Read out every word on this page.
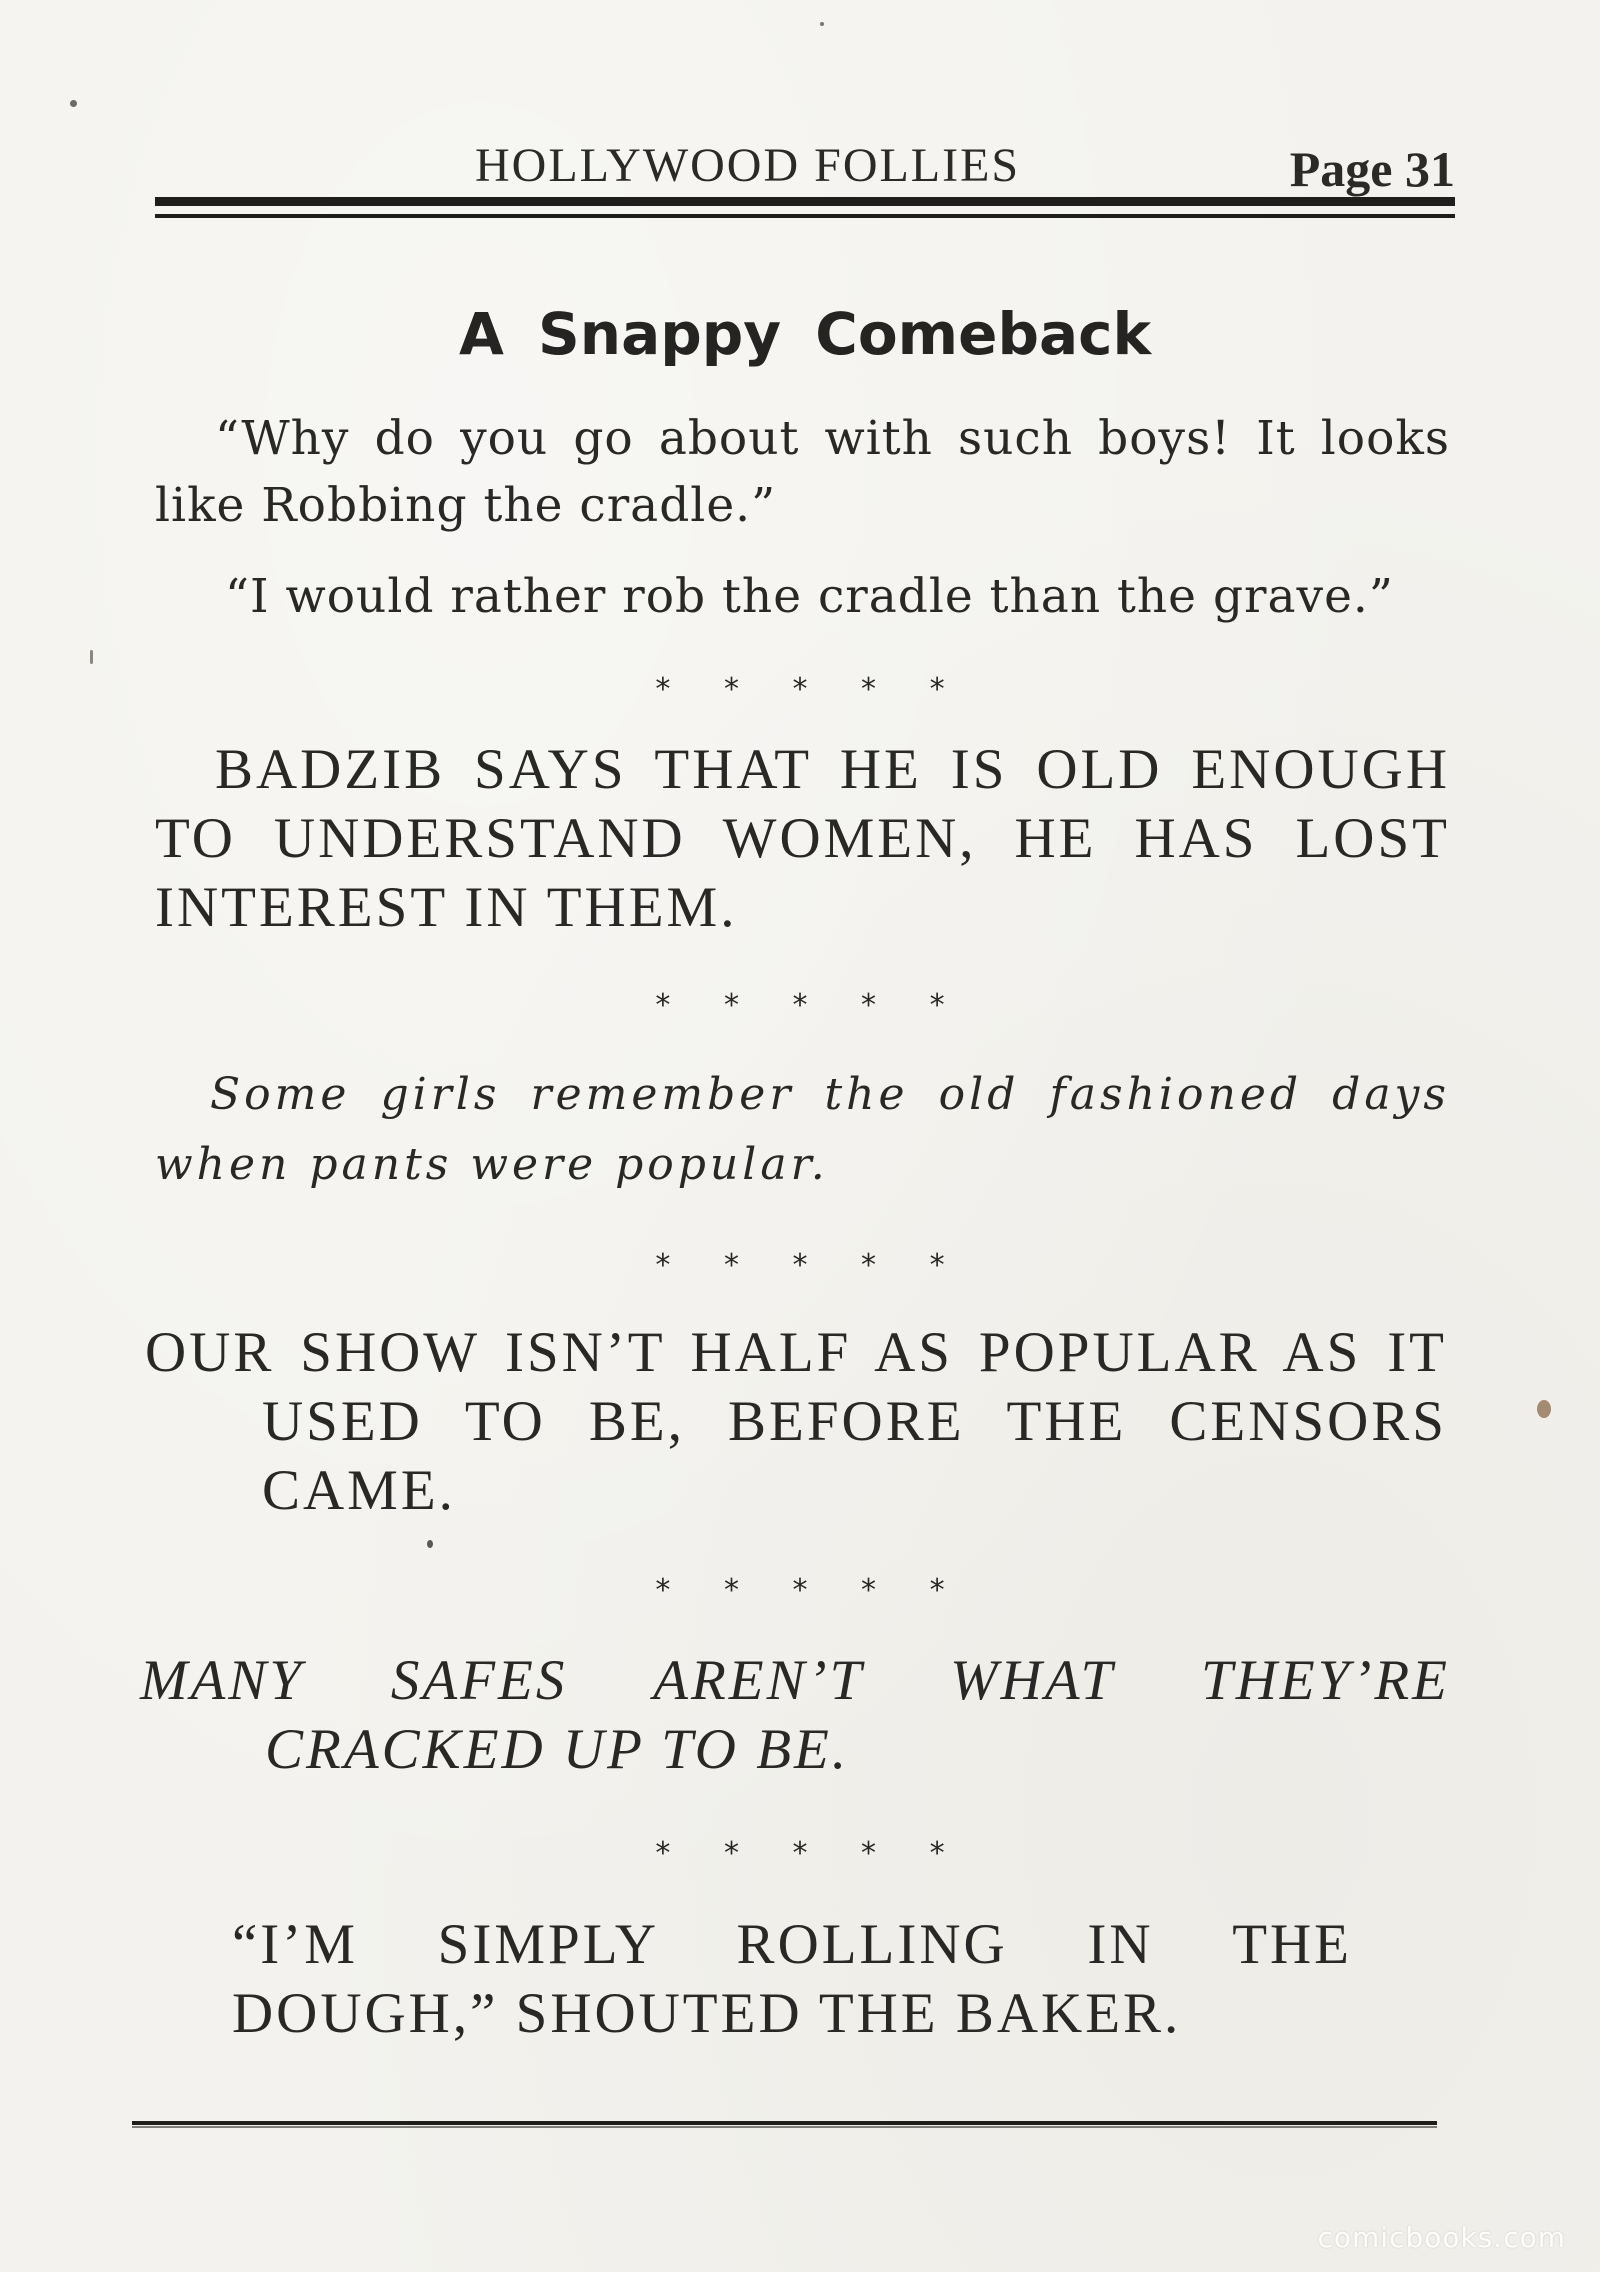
HOLLYWOOD FOLLIES	Page 31
A Snappy Comeback
“Why do you go about with such boys! It looks like Robbing the cradle.”
“I would rather rob the cradle than the grave.”
* * * * *
BADZIB SAYS THAT HE IS OLD ENOUGH TO UNDERSTAND WOMEN, HE HAS LOST INTEREST IN THEM.
* * * * *
Some girls remember the old fashioned days when pants were popular.
* * * * *
OUR SHOW ISN’T HALF AS POPULAR AS IT USED TO BE, BEFORE THE CENSORS CAME.
* * * * *
MANY SAFES AREN’T WHAT THEY’RE CRACKED UP TO BE.
* * * * *
“I’M SIMPLY ROLLING IN THE DOUGH,” SHOUTED THE BAKER.
comicbooks.com
